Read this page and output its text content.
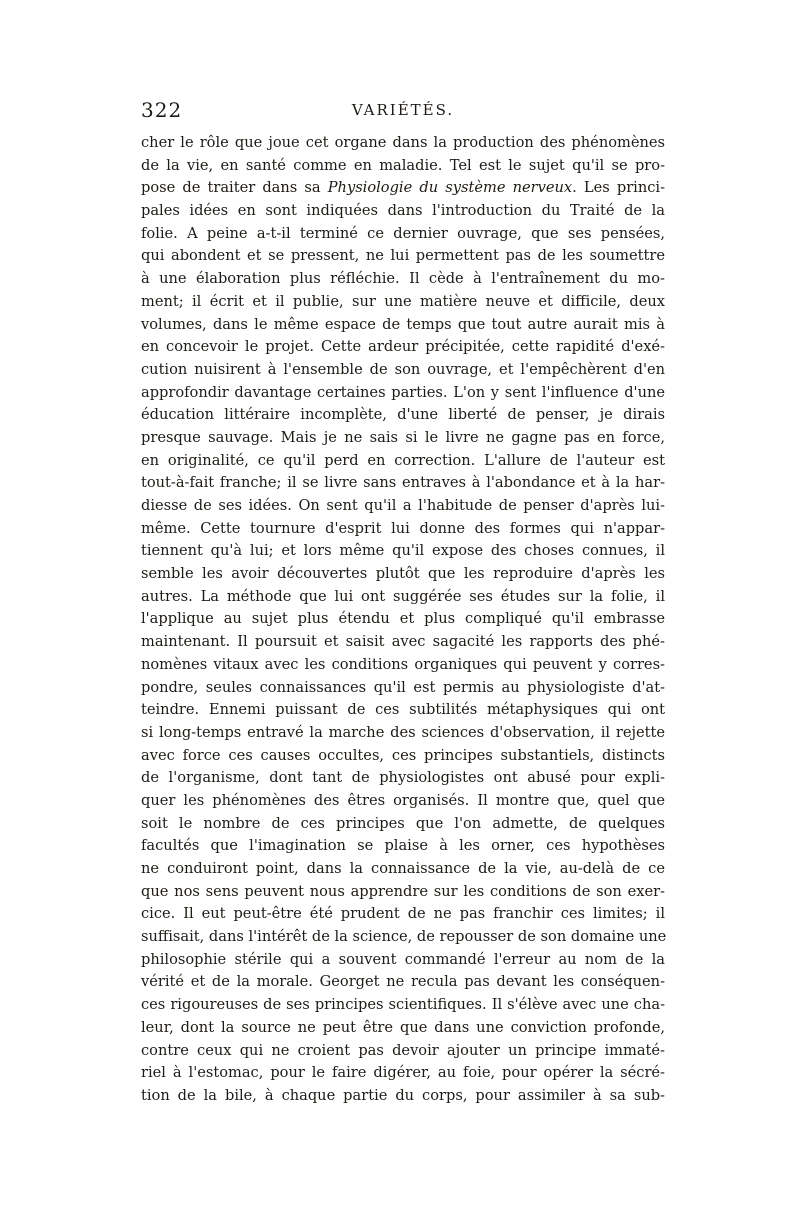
322	VARIÉTÉS.
cher le rôle que joue cet organe dans la production des phénomènes
de la vie, en santé comme en maladie. Tel est le sujet qu'il se pro-
pose de traiter dans sa Physiologie du système nerveux. Les princi-
pales idées en sont indiquées dans l'introduction du Traité de la
folie. A peine a-t-il terminé ce dernier ouvrage, que ses pensées,
qui abondent et se pressent, ne lui permettent pas de les soumettre
à une élaboration plus réfléchie. Il cède à l'entraînement du mo-
ment; il écrit et il publie, sur une matière neuve et difficile, deux
volumes, dans le même espace de temps que tout autre aurait mis à
en concevoir le projet. Cette ardeur précipitée, cette rapidité d'exé-
cution nuisirent à l'ensemble de son ouvrage, et l'empêchèrent d'en
approfondir davantage certaines parties. L'on y sent l'influence d'une
éducation littéraire incomplète, d'une liberté de penser, je dirais
presque sauvage. Mais je ne sais si le livre ne gagne pas en force,
en originalité, ce qu'il perd en correction. L'allure de l'auteur est
tout-à-fait franche; il se livre sans entraves à l'abondance et à la har-
diesse de ses idées. On sent qu'il a l'habitude de penser d'après lui-
même. Cette tournure d'esprit lui donne des formes qui n'appar-
tiennent qu'à lui; et lors même qu'il expose des choses connues, il
semble les avoir découvertes plutôt que les reproduire d'après les
autres. La méthode que lui ont suggérée ses études sur la folie, il
l'applique au sujet plus étendu et plus compliqué qu'il embrasse
maintenant. Il poursuit et saisit avec sagacité les rapports des phé-
nomènes vitaux avec les conditions organiques qui peuvent y corres-
pondre, seules connaissances qu'il est permis au physiologiste d'at-
teindre. Ennemi puissant de ces subtilités métaphysiques qui ont
si long-temps entravé la marche des sciences d'observation, il rejette
avec force ces causes occultes, ces principes substantiels, distincts
de l'organisme, dont tant de physiologistes ont abusé pour expli-
quer les phénomènes des êtres organisés. Il montre que, quel que
soit le nombre de ces principes que l'on admette, de quelques
facultés que l'imagination se plaise à les orner, ces hypothèses
ne conduiront point, dans la connaissance de la vie, au-delà de ce
que nos sens peuvent nous apprendre sur les conditions de son exer-
cice. Il eut peut-être été prudent de ne pas franchir ces limites; il
suffisait, dans l'intérêt de la science, de repousser de son domaine une
philosophie stérile qui a souvent commandé l'erreur au nom de la
vérité et de la morale. Georget ne recula pas devant les conséquen-
ces rigoureuses de ses principes scientifiques. Il s'élève avec une cha-
leur, dont la source ne peut être que dans une conviction profonde,
contre ceux qui ne croient pas devoir ajouter un principe immaté-
riel à l'estomac, pour le faire digérer, au foie, pour opérer la sécré-
tion de la bile, à chaque partie du corps, pour assimiler à sa sub-
